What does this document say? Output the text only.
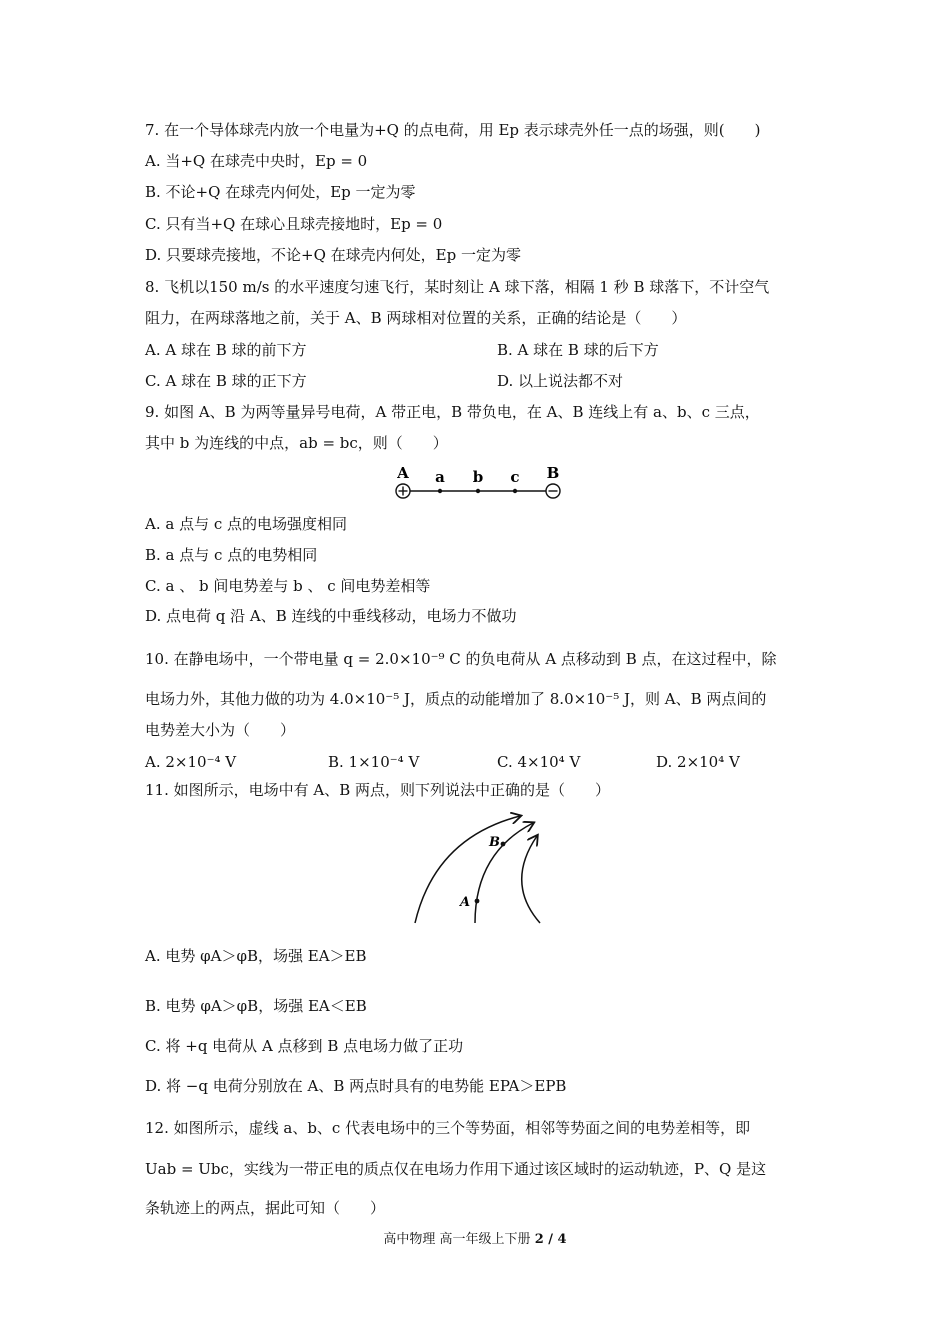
7. 在一个导体球壳内放一个电量为+Q 的点电荷，用 Ep 表示球壳外任一点的场强，则(　　)
A. 当+Q 在球壳中央时，Ep = 0
B. 不论+Q 在球壳内何处，Ep 一定为零
C. 只有当+Q 在球心且球壳接地时，Ep = 0
D. 只要球壳接地，不论+Q 在球壳内何处，Ep 一定为零
8. 飞机以150 m/s 的水平速度匀速飞行，某时刻让 A 球下落，相隔 1 秒 B 球落下，不计空气
阻力，在两球落地之前，关于 A、B 两球相对位置的关系，正确的结论是（　　）
A. A 球在 B 球的前下方	B. A 球在 B 球的后下方
C. A 球在 B 球的正下方	D. 以上说法都不对
9. 如图 A、B 为两等量异号电荷，A 带正电，B 带负电，在 A、B 连线上有 a、b、c 三点，
其中 b 为连线的中点，ab = bc，则（　　）
A a b c B
A. a 点与 c 点的电场强度相同
B. a 点与 c 点的电势相同
C. a 、 b 间电势差与 b 、 c 间电势差相等
D. 点电荷 q 沿 A、B 连线的中垂线移动，电场力不做功
10. 在静电场中，一个带电量 q = 2.0×10⁻⁹ C 的负电荷从 A 点移动到 B 点，在这过程中，除
电场力外，其他力做的功为 4.0×10⁻⁵ J，质点的动能增加了 8.0×10⁻⁵ J，则 A、B 两点间的
电势差大小为（　　）
A. 2×10⁻⁴ V	B. 1×10⁻⁴ V	C. 4×10⁴ V	D. 2×10⁴ V
11. 如图所示，电场中有 A、B 两点，则下列说法中正确的是（　　）
A
B
A. 电势 φA＞φB，场强 EA＞EB
B. 电势 φA＞φB，场强 EA＜EB
C. 将 +q 电荷从 A 点移到 B 点电场力做了正功
D. 将 −q 电荷分别放在 A、B 两点时具有的电势能 EPA＞EPB
12. 如图所示，虚线 a、b、c 代表电场中的三个等势面，相邻等势面之间的电势差相等，即
Uab = Ubc，实线为一带正电的质点仅在电场力作用下通过该区域时的运动轨迹，P、Q 是这
条轨迹上的两点，据此可知（　　）
高中物理 高一年级上下册 2 / 4
